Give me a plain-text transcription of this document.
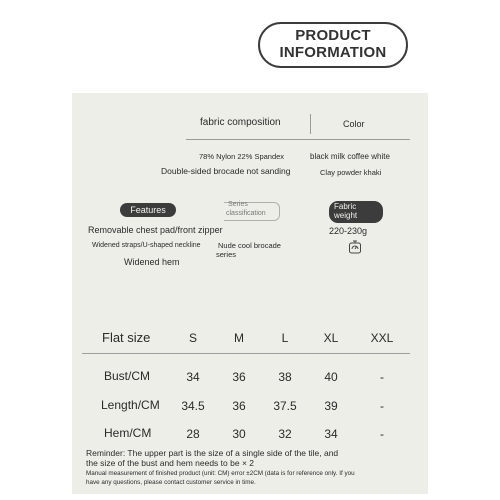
PRODUCT
INFORMATION
fabric composition	Color
78% Nylon 22% Spandex
Double-sided brocade not sanding
black milk coffee white
Clay powder khaki
Features
Removable chest pad/front zipper
Widened straps/U-shaped neckline
Widened hem
Series
classification
Nude cool brocade
series
Fabric
weight
220-230g
Flat size	S	M	L	XL	XXL
Bust/CM	34	36	38	40	-
Length/CM	34.5	36	37.5	39	-
Hem/CM	28	30	32	34	-
Reminder: The upper part is the size of a single side of the tile, and
the size of the bust and hem needs to be × 2
Manual measurement of finished product (unit: CM) error ±2CM (data is for reference only. If you
have any questions, please contact customer service in time.
